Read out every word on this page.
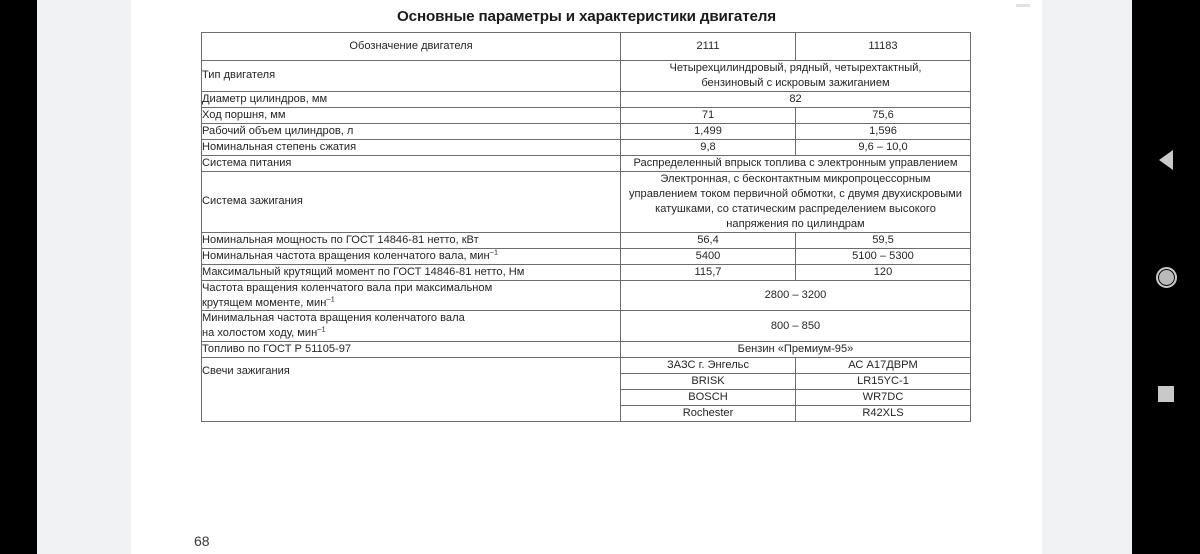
Основные параметры и характеристики двигателя
Обозначение двигателя	2111	11183
Тип двигателя	Четырехцилиндровый, рядный, четырехтактный,
бензиновый с искровым зажиганием	
Диаметр цилиндров, мм	82	
Ход поршня, мм	71	75,6
Рабочий объем цилиндров, л	1,499	1,596
Номинальная степень сжатия	9,8	9,6 – 10,0
Система питания	Распределенный впрыск топлива с электронным управлением	
Система зажигания	Электронная, с бесконтактным микропроцессорным
управлением током первичной обмотки, с двумя двухискровыми
катушками, со статическим распределением высокого
напряжения по цилиндрам	
Номинальная мощность по ГОСТ 14846-81 нетто, кВт	56,4	59,5
Номинальная частота вращения коленчатого вала, мин$^{-1}$	5400	5100 – 5300
Максимальный крутящий момент по ГОСТ 14846-81 нетто, Нм	115,7	120
Частота вращения коленчатого вала при максимальном
крутящем моменте, мин$^{-1}$	2800 – 3200	
Минимальная частота вращения коленчатого вала
на холостом ходу, мин$^{-1}$	800 – 850	
Топливо по ГОСТ Р 51105-97	Бензин «Премиум-95»	
Свечи зажигания	ЗАЗС г. Энгельс	АС А17ДВРМ
	BRISK	LR15YC-1
	BOSCH	WR7DC
	Rochester	R42XLS
68
